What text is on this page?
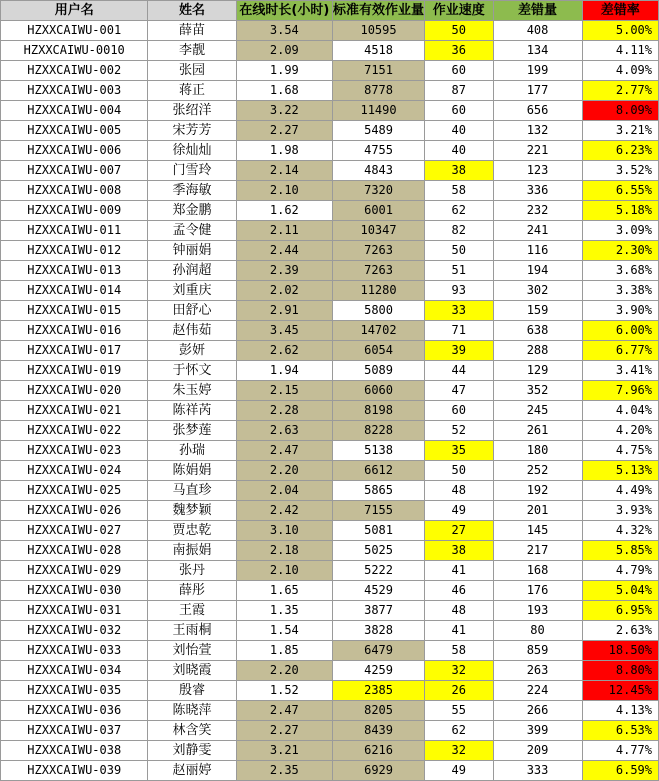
用户名	姓名	在线时长(小时)	标准有效作业量	作业速度	差错量	差错率
HZXXCAIWU-001	薛苗	3.54	10595	50	408	5.00%
HZXXCAIWU-0010	李靓	2.09	4518	36	134	4.11%
HZXXCAIWU-002	张园	1.99	7151	60	199	4.09%
HZXXCAIWU-003	蒋正	1.68	8778	87	177	2.77%
HZXXCAIWU-004	张绍洋	3.22	11490	60	656	8.09%
HZXXCAIWU-005	宋芳芳	2.27	5489	40	132	3.21%
HZXXCAIWU-006	徐灿灿	1.98	4755	40	221	6.23%
HZXXCAIWU-007	门雪玲	2.14	4843	38	123	3.52%
HZXXCAIWU-008	季海敏	2.10	7320	58	336	6.55%
HZXXCAIWU-009	郑金鹏	1.62	6001	62	232	5.18%
HZXXCAIWU-011	孟令健	2.11	10347	82	241	3.09%
HZXXCAIWU-012	钟丽娟	2.44	7263	50	116	2.30%
HZXXCAIWU-013	孙润超	2.39	7263	51	194	3.68%
HZXXCAIWU-014	刘重庆	2.02	11280	93	302	3.38%
HZXXCAIWU-015	田舒心	2.91	5800	33	159	3.90%
HZXXCAIWU-016	赵伟茹	3.45	14702	71	638	6.00%
HZXXCAIWU-017	彭妍	2.62	6054	39	288	6.77%
HZXXCAIWU-019	于怀文	1.94	5089	44	129	3.41%
HZXXCAIWU-020	朱玉婷	2.15	6060	47	352	7.96%
HZXXCAIWU-021	陈祥芮	2.28	8198	60	245	4.04%
HZXXCAIWU-022	张梦莲	2.63	8228	52	261	4.20%
HZXXCAIWU-023	孙瑞	2.47	5138	35	180	4.75%
HZXXCAIWU-024	陈娟娟	2.20	6612	50	252	5.13%
HZXXCAIWU-025	马直珍	2.04	5865	48	192	4.49%
HZXXCAIWU-026	魏梦颖	2.42	7155	49	201	3.93%
HZXXCAIWU-027	贾忠乾	3.10	5081	27	145	4.32%
HZXXCAIWU-028	南振娟	2.18	5025	38	217	5.85%
HZXXCAIWU-029	张丹	2.10	5222	41	168	4.79%
HZXXCAIWU-030	薛彤	1.65	4529	46	176	5.04%
HZXXCAIWU-031	王霞	1.35	3877	48	193	6.95%
HZXXCAIWU-032	王雨桐	1.54	3828	41	80	2.63%
HZXXCAIWU-033	刘怡萱	1.85	6479	58	859	18.50%
HZXXCAIWU-034	刘晓霞	2.20	4259	32	263	8.80%
HZXXCAIWU-035	殷睿	1.52	2385	26	224	12.45%
HZXXCAIWU-036	陈晓萍	2.47	8205	55	266	4.13%
HZXXCAIWU-037	林含笑	2.27	8439	62	399	6.53%
HZXXCAIWU-038	刘静雯	3.21	6216	32	209	4.77%
HZXXCAIWU-039	赵丽婷	2.35	6929	49	333	6.59%
